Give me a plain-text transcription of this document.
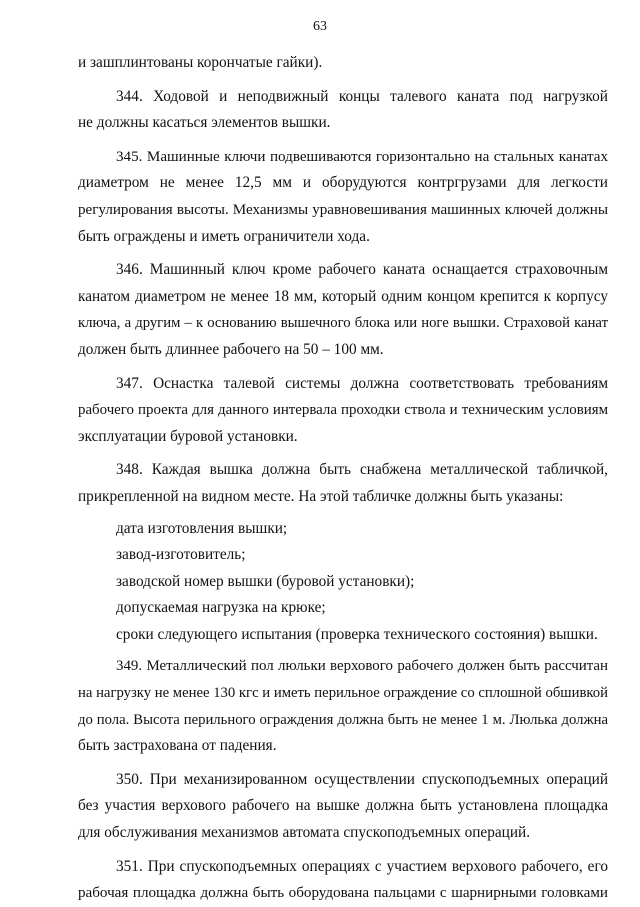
63

и зашплинтованы корончатые гайки).

344. Ходовой и неподвижный концы талевого каната под нагрузкой
не должны касаться элементов вышки.

345. Машинные ключи подвешиваются горизонтально на стальных канатах
диаметром не менее 12,5 мм и оборудуются контргрузами для легкости
регулирования высоты. Механизмы уравновешивания машинных ключей должны
быть ограждены и иметь ограничители хода.

346. Машинный ключ кроме рабочего каната оснащается страховочным
канатом диаметром не менее 18 мм, который одним концом крепится к корпусу
ключа, а другим – к основанию вышечного блока или ноге вышки. Страховой канат
должен быть длиннее рабочего на 50 – 100 мм.

347. Оснастка талевой системы должна соответствовать требованиям
рабочего проекта для данного интервала проходки ствола и техническим условиям
эксплуатации буровой установки.

348. Каждая вышка должна быть снабжена металлической табличкой,
прикрепленной на видном месте. На этой табличке должны быть указаны:

дата изготовления вышки;
завод-изготовитель;
заводской номер вышки (буровой установки);
допускаемая нагрузка на крюке;
сроки следующего испытания (проверка технического состояния) вышки.

349. Металлический пол люльки верхового рабочего должен быть рассчитан
на нагрузку не менее 130 кгс и иметь перильное ограждение со сплошной обшивкой
до пола. Высота перильного ограждения должна быть не менее 1 м. Люлька должна
быть застрахована от падения.

350. При механизированном осуществлении спускоподъемных операций
без участия верхового рабочего на вышке должна быть установлена площадка
для обслуживания механизмов автомата спускоподъемных операций.

351. При спускоподъемных операциях с участием верхового рабочего, его
рабочая площадка должна быть оборудована пальцами с шарнирными головками
